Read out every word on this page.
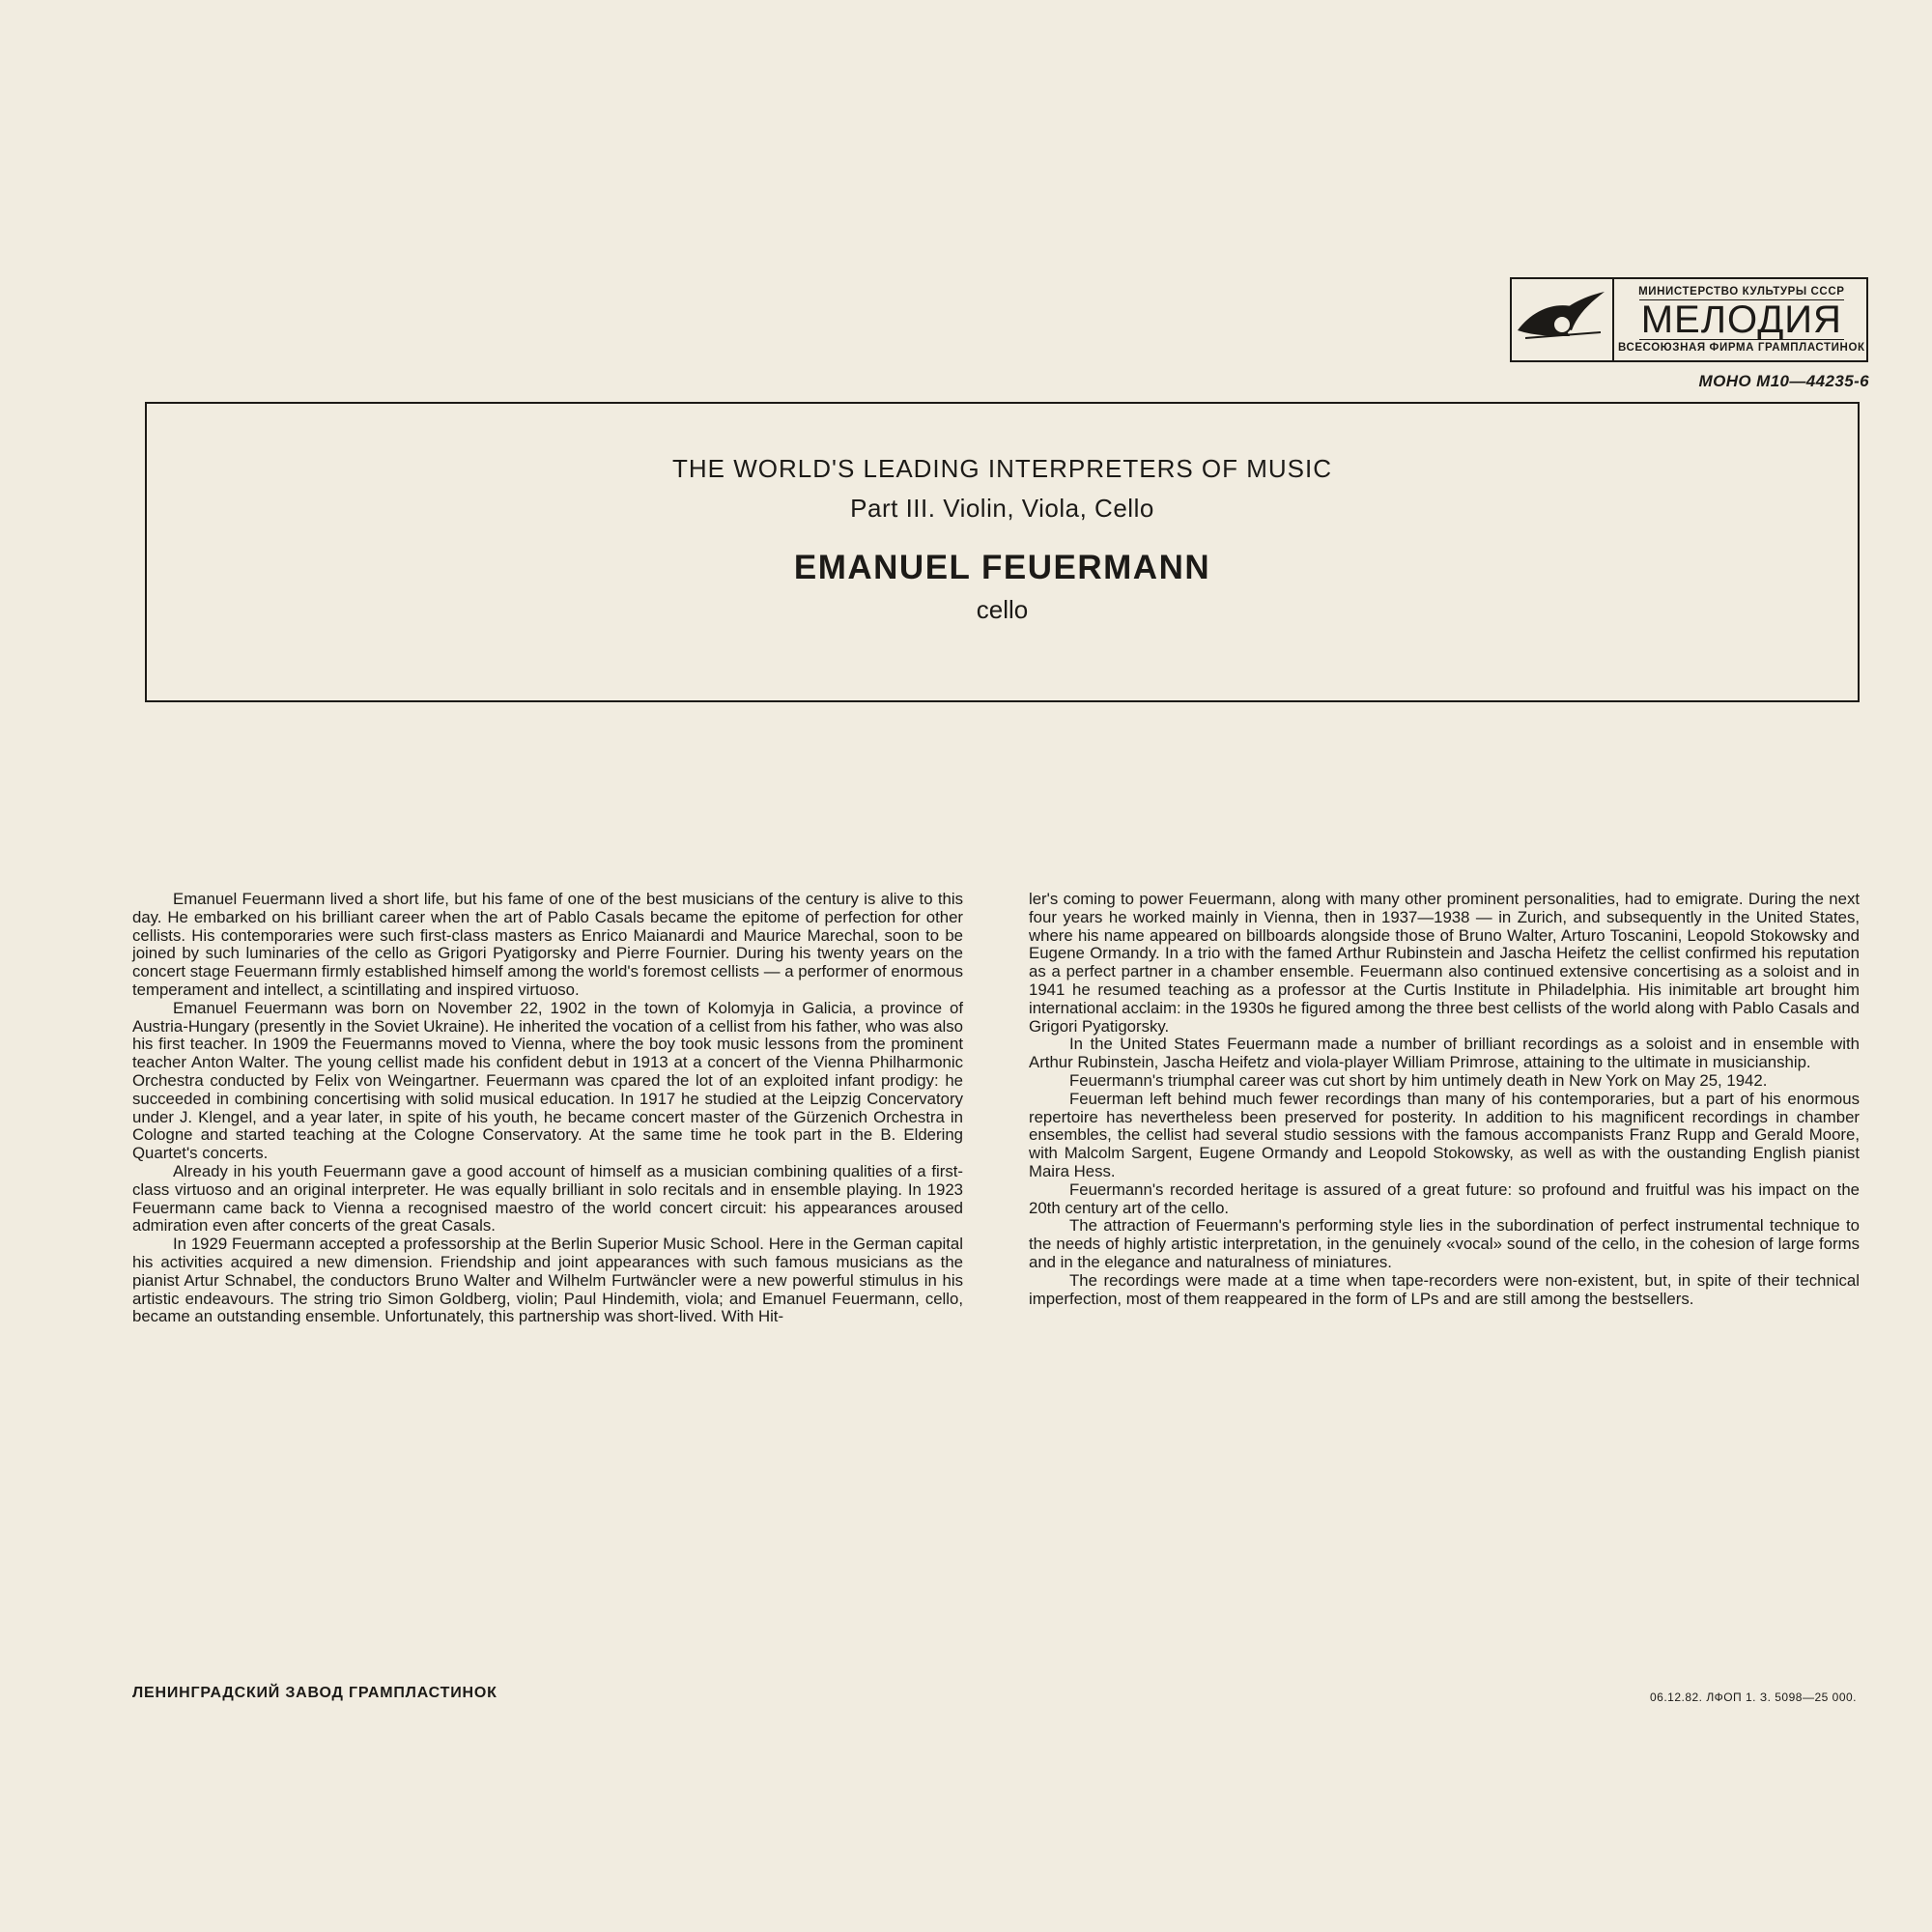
МИНИСТЕРСТВО КУЛЬТУРЫ СССР
МЕЛОДИЯ
ВСЕСОЮЗНАЯ ФИРМА ГРАМПЛАСТИНОК
МОНО М10—44235-6
THE WORLD'S LEADING INTERPRETERS OF MUSIC
Part III. Violin, Viola, Cello
EMANUEL FEUERMANN
cello

Emanuel Feuermann lived a short life, but his fame of one of the best musicians of the century is alive to this day. He embarked on his brilliant career when the art of Pablo Casals became the epitome of perfection for other cellists. His contemporaries were such first-class masters as Enrico Maianardi and Maurice Marechal, soon to be joined by such luminaries of the cello as Grigori Pyatigorsky and Pierre Fournier. During his twenty years on the concert stage Feuermann firmly established himself among the world's foremost cellists — a performer of enormous temperament and intellect, a scintillating and inspired virtuoso.

Emanuel Feuermann was born on November 22, 1902 in the town of Kolomyja in Galicia, a province of Austria-Hungary (presently in the Soviet Ukraine). He inherited the vocation of a cellist from his father, who was also his first teacher. In 1909 the Feuermanns moved to Vienna, where the boy took music lessons from the prominent teacher Anton Walter. The young cellist made his confident debut in 1913 at a concert of the Vienna Philharmonic Orchestra conducted by Felix von Weingartner. Feuermann was cpared the lot of an exploited infant prodigy: he succeeded in combining concertising with solid musical education. In 1917 he studied at the Leipzig Concervatory under J. Klengel, and a year later, in spite of his youth, he became concert master of the Gürzenich Orchestra in Cologne and started teaching at the Cologne Conservatory. At the same time he took part in the B. Eldering Quartet's concerts.

Already in his youth Feuermann gave a good account of himself as a musician combining qualities of a first-class virtuoso and an original interpreter. He was equally brilliant in solo recitals and in ensemble playing. In 1923 Feuermann came back to Vienna a recognised maestro of the world concert circuit: his appearances aroused admiration even after concerts of the great Casals.

In 1929 Feuermann accepted a professorship at the Berlin Superior Music School. Here in the German capital his activities acquired a new dimension. Friendship and joint appearances with such famous musicians as the pianist Artur Schnabel, the conductors Bruno Walter and Wilhelm Furtwäncler were a new powerful stimulus in his artistic endeavours. The string trio Simon Goldberg, violin; Paul Hindemith, viola; and Emanuel Feuermann, cello, became an outstanding ensemble. Unfortunately, this partnership was short-lived. With Hit-

ler's coming to power Feuermann, along with many other prominent personalities, had to emigrate. During the next four years he worked mainly in Vienna, then in 1937—1938 — in Zurich, and subsequently in the United States, where his name appeared on billboards alongside those of Bruno Walter, Arturo Toscanini, Leopold Stokowsky and Eugene Ormandy. In a trio with the famed Arthur Rubinstein and Jascha Heifetz the cellist confirmed his reputation as a perfect partner in a chamber ensemble. Feuermann also continued extensive concertising as a soloist and in 1941 he resumed teaching as a professor at the Curtis Institute in Philadelphia. His inimitable art brought him international acclaim: in the 1930s he figured among the three best cellists of the world along with Pablo Casals and Grigori Pyatigorsky.

In the United States Feuermann made a number of brilliant recordings as a soloist and in ensemble with Arthur Rubinstein, Jascha Heifetz and viola-player William Primrose, attaining to the ultimate in musicianship.

Feuermann's triumphal career was cut short by him untimely death in New York on May 25, 1942.

Feuerman left behind much fewer recordings than many of his contemporaries, but a part of his enormous repertoire has nevertheless been preserved for posterity. In addition to his magnificent recordings in chamber ensembles, the cellist had several studio sessions with the famous accompanists Franz Rupp and Gerald Moore, with Malcolm Sargent, Eugene Ormandy and Leopold Stokowsky, as well as with the oustanding English pianist Maira Hess.

Feuermann's recorded heritage is assured of a great future: so profound and fruitful was his impact on the 20th century art of the cello.

The attraction of Feuermann's performing style lies in the subordination of perfect instrumental technique to the needs of highly artistic interpretation, in the genuinely «vocal» sound of the cello, in the cohesion of large forms and in the elegance and naturalness of miniatures.

The recordings were made at a time when tape-recorders were non-existent, but, in spite of their technical imperfection, most of them reappeared in the form of LPs and are still among the bestsellers.

ЛЕНИНГРАДСКИЙ ЗАВОД ГРАМПЛАСТИНОК	06.12.82. ЛФОП 1. З. 5098—25 000.
